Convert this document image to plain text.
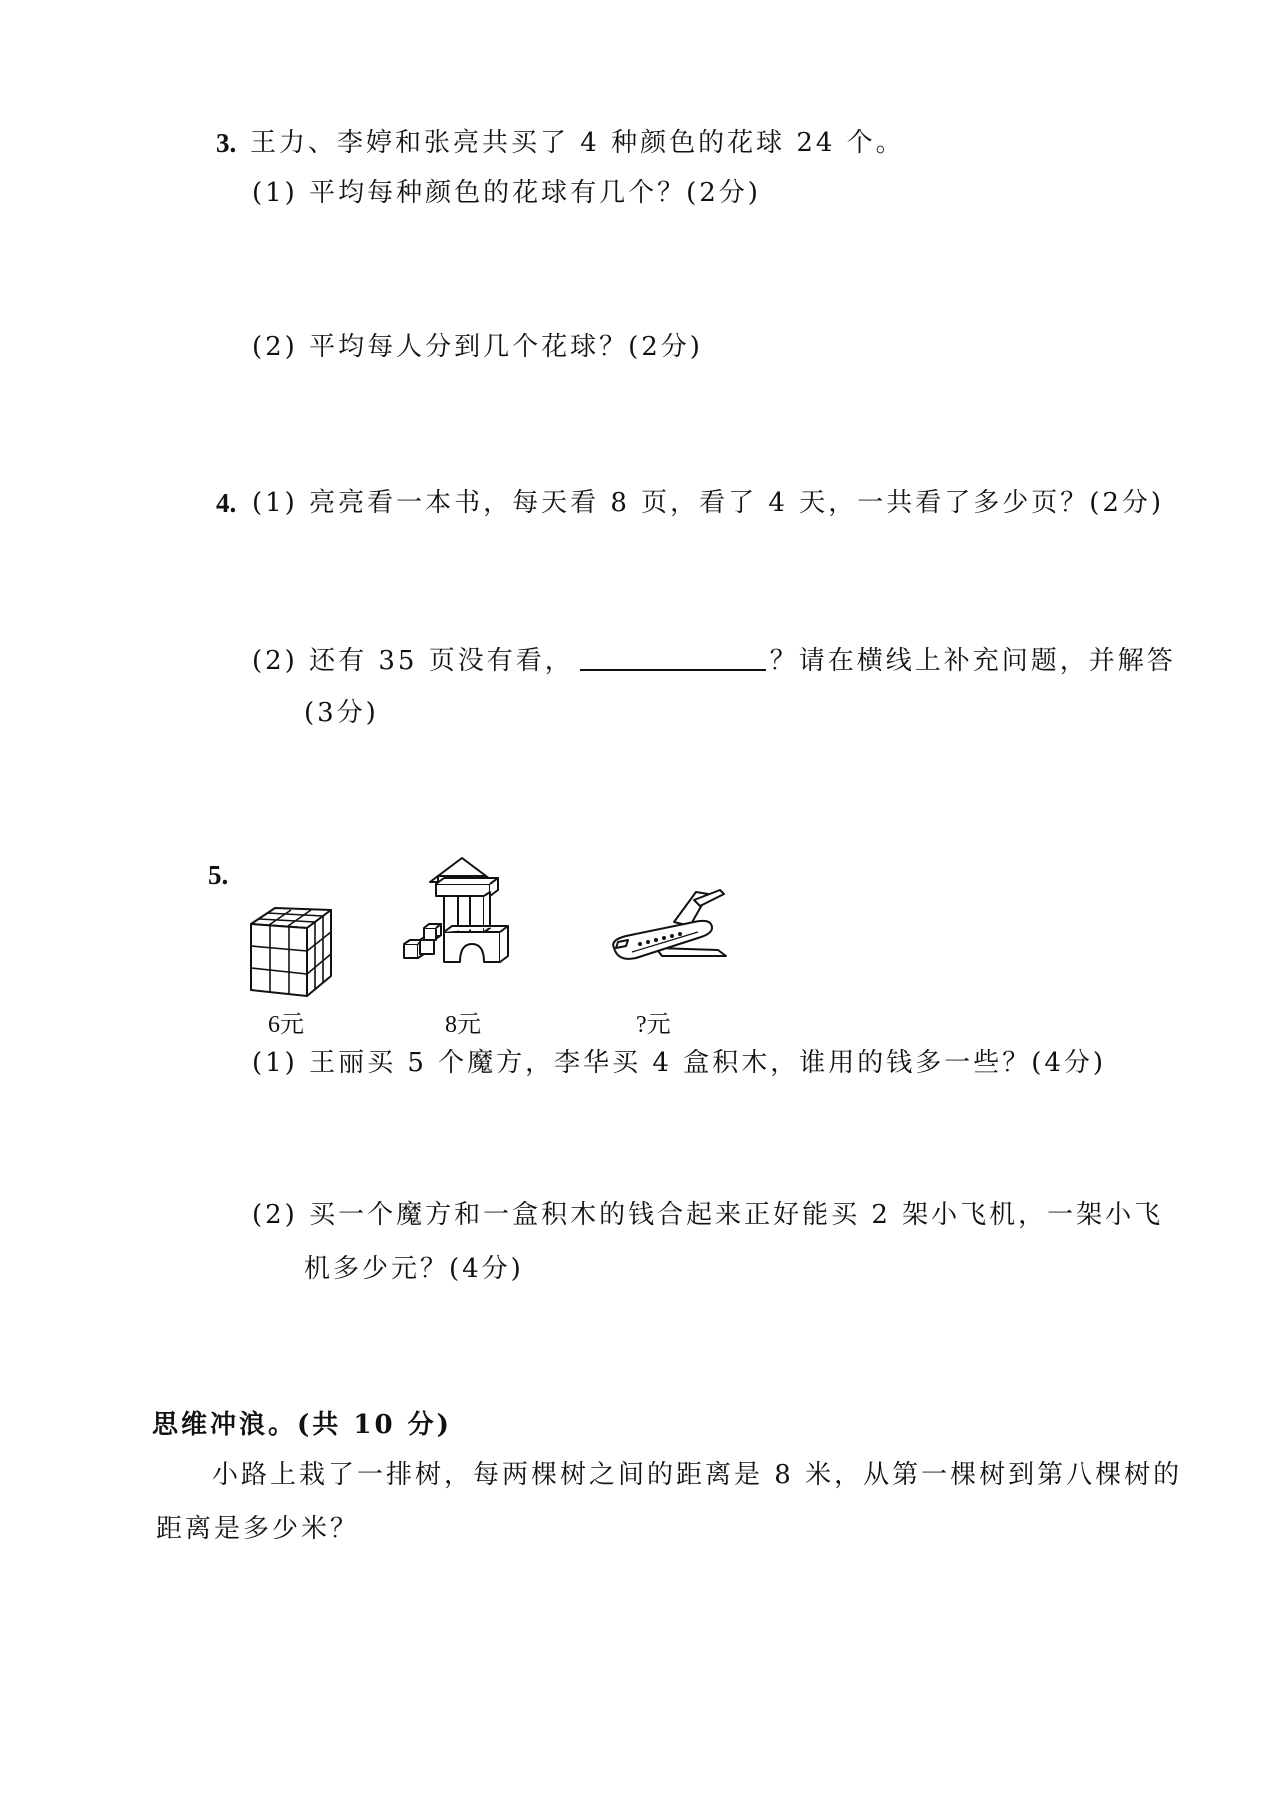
3. 王力、李婷和张亮共买了 4 种颜色的花球 24 个。
(1) 平均每种颜色的花球有几个？(2分)
(2) 平均每人分到几个花球？(2分)
4. (1) 亮亮看一本书，每天看 8 页，看了 4 天，一共看了多少页？(2分)
(2) 还有 35 页没有看，	？请在横线上补充问题，并解答
(3分)
5.
6元	8元	?元
(1) 王丽买 5 个魔方，李华买 4 盒积木，谁用的钱多一些？(4分)
(2) 买一个魔方和一盒积木的钱合起来正好能买 2 架小飞机，一架小飞
机多少元？(4分)
思维冲浪。(共 10 分)
小路上栽了一排树，每两棵树之间的距离是 8 米，从第一棵树到第八棵树的
距离是多少米？
